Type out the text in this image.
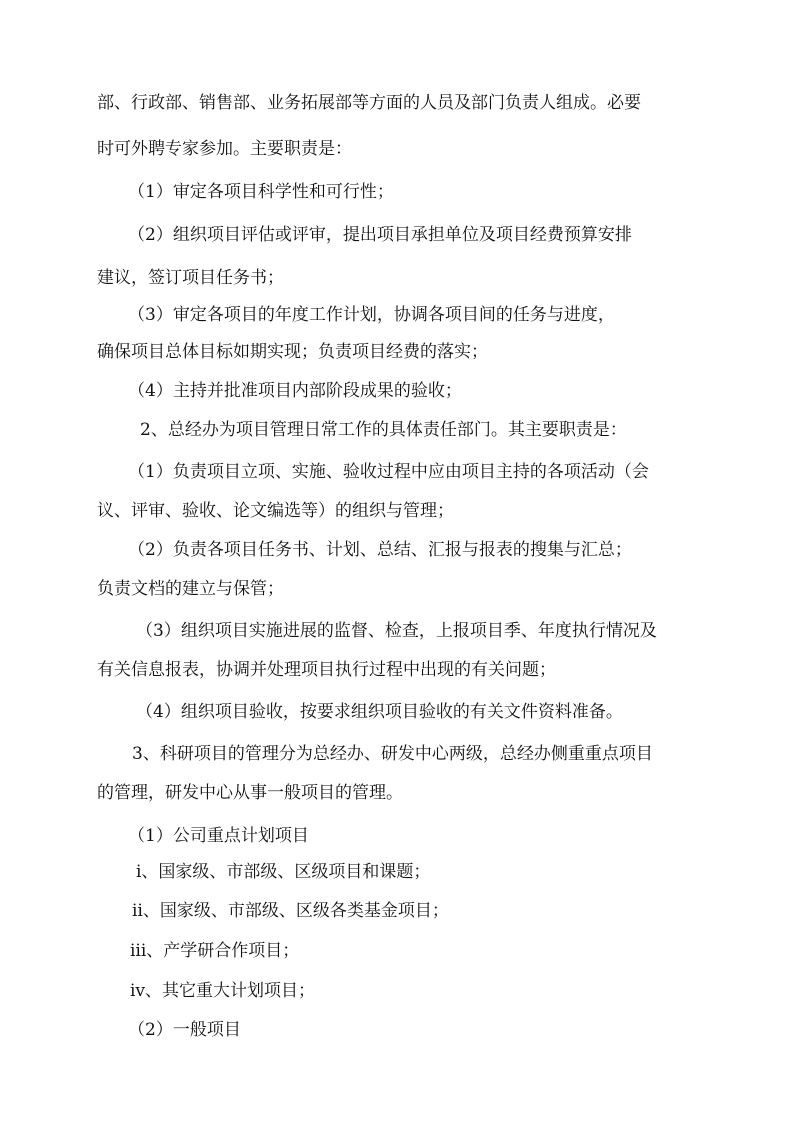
部、行政部、销售部、业务拓展部等方面的人员及部门负责人组成。必要
时可外聘专家参加。主要职责是：
（1）审定各项目科学性和可行性；
（2）组织项目评估或评审，提出项目承担单位及项目经费预算安排
建议，签订项目任务书；
（3）审定各项目的年度工作计划，协调各项目间的任务与进度，
确保项目总体目标如期实现；负责项目经费的落实；
（4）主持并批准项目内部阶段成果的验收；
2、总经办为项目管理日常工作的具体责任部门。其主要职责是：
（1）负责项目立项、实施、验收过程中应由项目主持的各项活动（会
议、评审、验收、论文编选等）的组织与管理；
（2）负责各项目任务书、计划、总结、汇报与报表的搜集与汇总；
负责文档的建立与保管；
（3）组织项目实施进展的监督、检查，上报项目季、年度执行情况及
有关信息报表，协调并处理项目执行过程中出现的有关问题；
（4）组织项目验收，按要求组织项目验收的有关文件资料准备。
3、科研项目的管理分为总经办、研发中心两级，总经办侧重重点项目
的管理，研发中心从事一般项目的管理。
（1）公司重点计划项目
ⅰ、国家级、市部级、区级项目和课题；
ⅱ、国家级、市部级、区级各类基金项目；
ⅲ、产学研合作项目；
ⅳ、其它重大计划项目；
（2）一般项目
